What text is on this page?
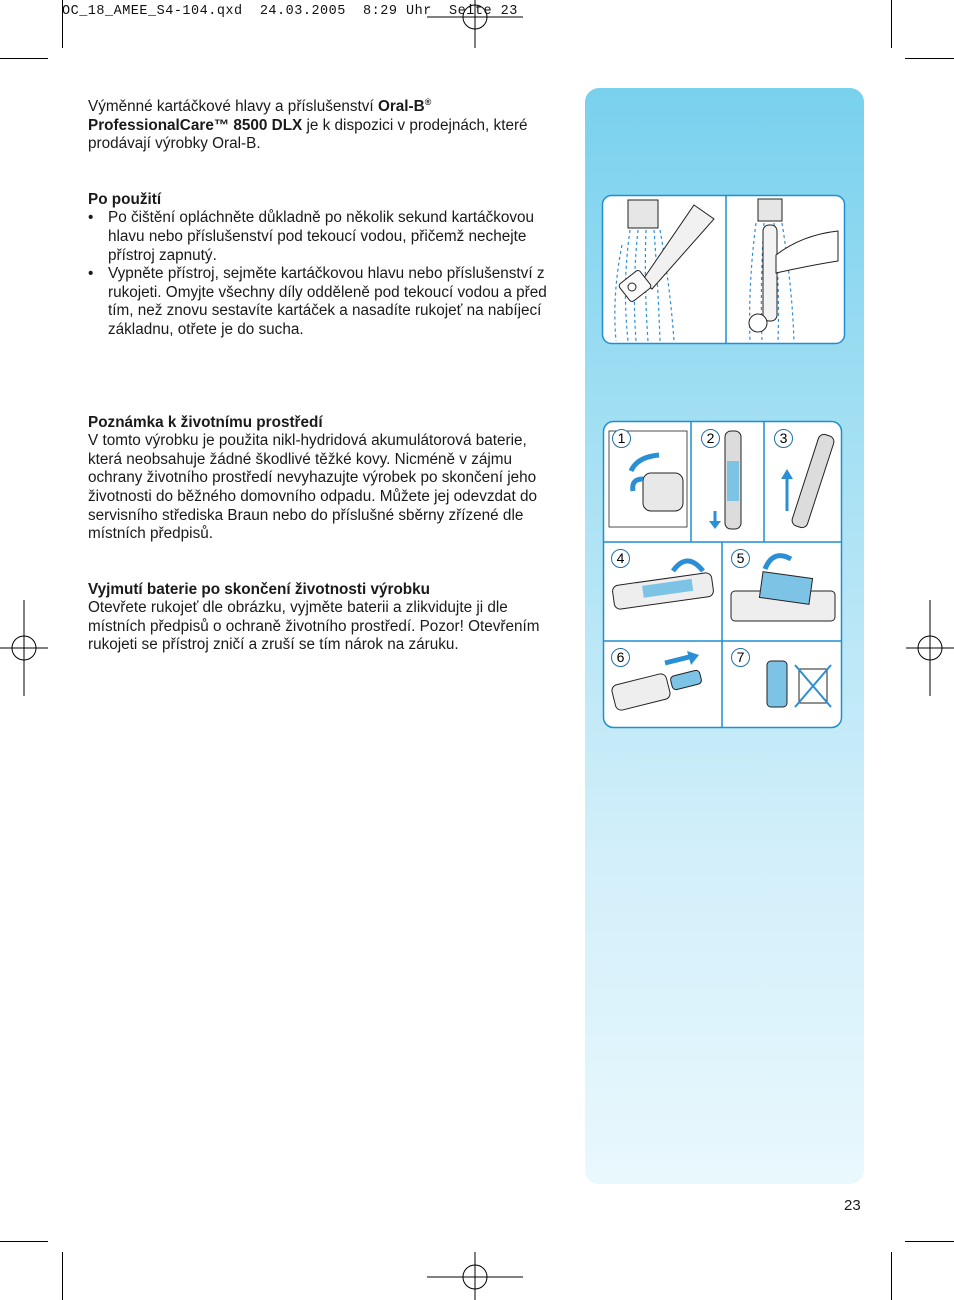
OC_18_AMEE_S4-104.qxd  24.03.2005  8:29 Uhr  Seite 23

Výměnné kartáčkové hlavy a příslušenství Oral-B®
ProfessionalCare™ 8500 DLX je k dispozici v prodejnách, které prodávají výrobky Oral-B.

Po použití

• Po čištění opláchněte důkladně po několik sekund kartáčkovou hlavu nebo příslušenství pod tekoucí vodou, přičemž nechejte přístroj zapnutý.
• Vypněte přístroj, sejměte kartáčkovou hlavu nebo příslušenství z rukojeti. Omyjte všechny díly odděleně pod tekoucí vodou a před tím, než znovu sestavíte kartáček a nasadíte rukojeť na nabíjecí základnu, otřete je do sucha.

Poznámka k životnímu prostředí

V tomto výrobku je použita nikl-hydridová akumulátorová baterie, která neobsahuje žádné škodlivé těžké kovy. Nicméně v zájmu ochrany životního prostředí nevyhazujte výrobek po skončení jeho životnosti do běžného domovního odpadu. Můžete jej odevzdat do servisního střediska Braun nebo do příslušné sběrny zřízené dle místních předpisů.

Vyjmutí baterie po skončení životnosti výrobku

Otevřete rukojeť dle obrázku, vyjměte baterii a zlikvidujte ji dle místních předpisů o ochraně životního prostředí. Pozor! Otevřením rukojeti se přístroj zničí a zruší se tím nárok na záruku.

1	2	3
4	5
6	7
23
